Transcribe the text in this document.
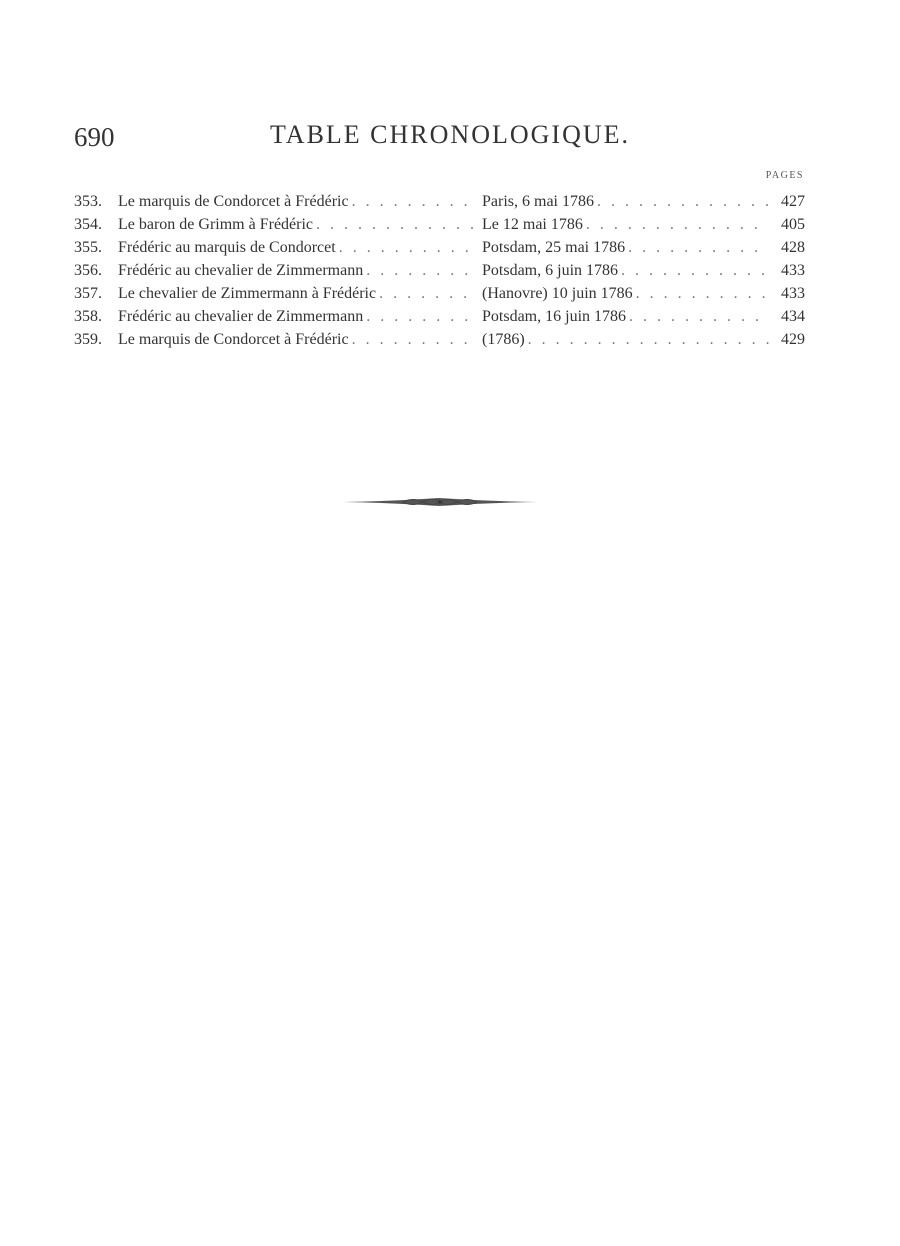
690	TABLE CHRONOLOGIQUE.
PAGES
353.	Le marquis de Condorcet à Frédéric . . .	Paris, 6 mai 1786 . . .	427
354.	Le baron de Grimm à Frédéric . . .	Le 12 mai 1786 . . .	405
355.	Frédéric au marquis de Condorcet . . .	Potsdam, 25 mai 1786 . . .	428
356.	Frédéric au chevalier de Zimmermann . . .	Potsdam, 6 juin 1786 . . .	433
357.	Le chevalier de Zimmermann à Frédéric . . .	(Hanovre) 10 juin 1786 . . .	433
358.	Frédéric au chevalier de Zimmermann . . .	Potsdam, 16 juin 1786 . . .	434
359.	Le marquis de Condorcet à Frédéric . . .	(1786) . . .	429
